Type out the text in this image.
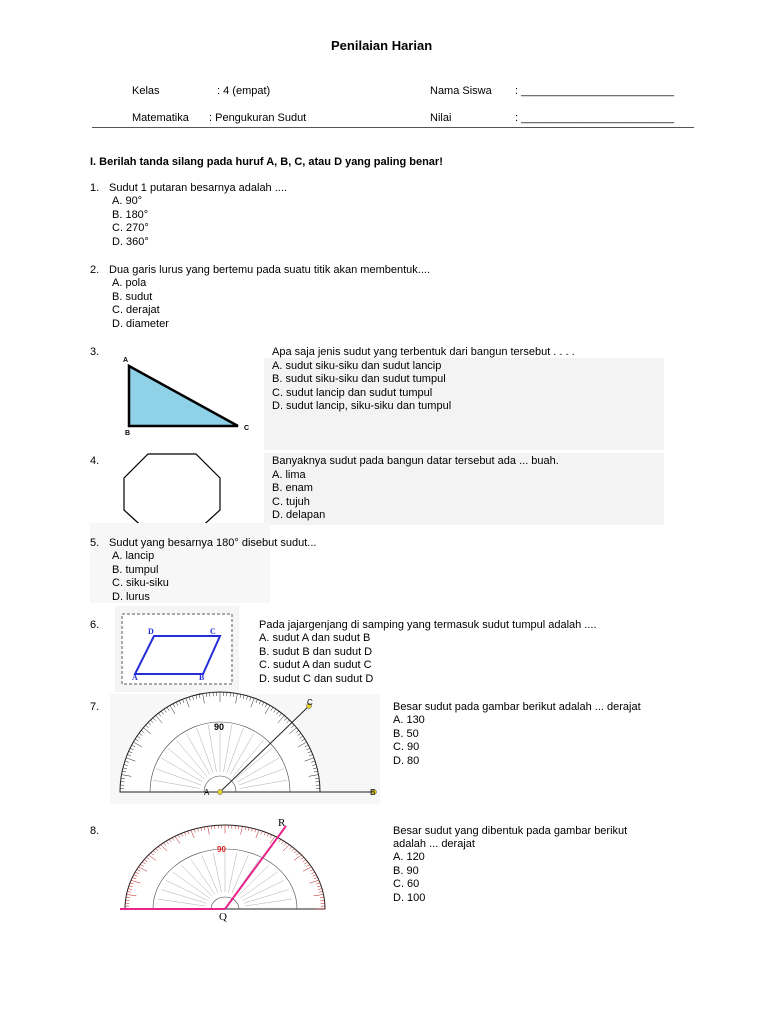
Penilaian Harian
Kelas	: 4 (empat)	Nama Siswa : _________________________
Matematika : Pengukuran Sudut	Nilai	: _________________________
I. Berilah tanda silang pada huruf A, B, C, atau D yang paling benar!
1. Sudut 1 putaran besarnya adalah ....
A. 90°
B. 180°
C. 270°
D. 360°
2. Dua garis lurus yang bertemu pada suatu titik akan membentuk....
A. pola
B. sudut
C. derajat
D. diameter
3.	Apa saja jenis sudut yang terbentuk dari bangun tersebut . . . .
A. sudut siku-siku dan sudut lancip
B. sudut siku-siku dan sudut tumpul
C. sudut lancip dan sudut tumpul
D. sudut lancip, siku-siku dan tumpul
A
B
C
4.	Banyaknya sudut pada bangun datar tersebut ada ... buah.
A. lima
B. enam
C. tujuh
D. delapan
5. Sudut yang besarnya 180° disebut sudut...
A. lancip
B. tumpul
C. siku-siku
D. lurus
6.	Pada jajargenjang di samping yang termasuk sudut tumpul adalah ....
A. sudut A dan sudut B
B. sudut B dan sudut D
C. sudut A dan sudut C
D. sudut C dan sudut D
D	C
A	B
7.	Besar sudut pada gambar berikut adalah ... derajat
A. 130
B. 50
C. 90
D. 80
A	B
C
90
8.	Besar sudut yang dibentuk pada gambar berikut
adalah ... derajat
A. 120
B. 90
C. 60
D. 100
R
Q
90
